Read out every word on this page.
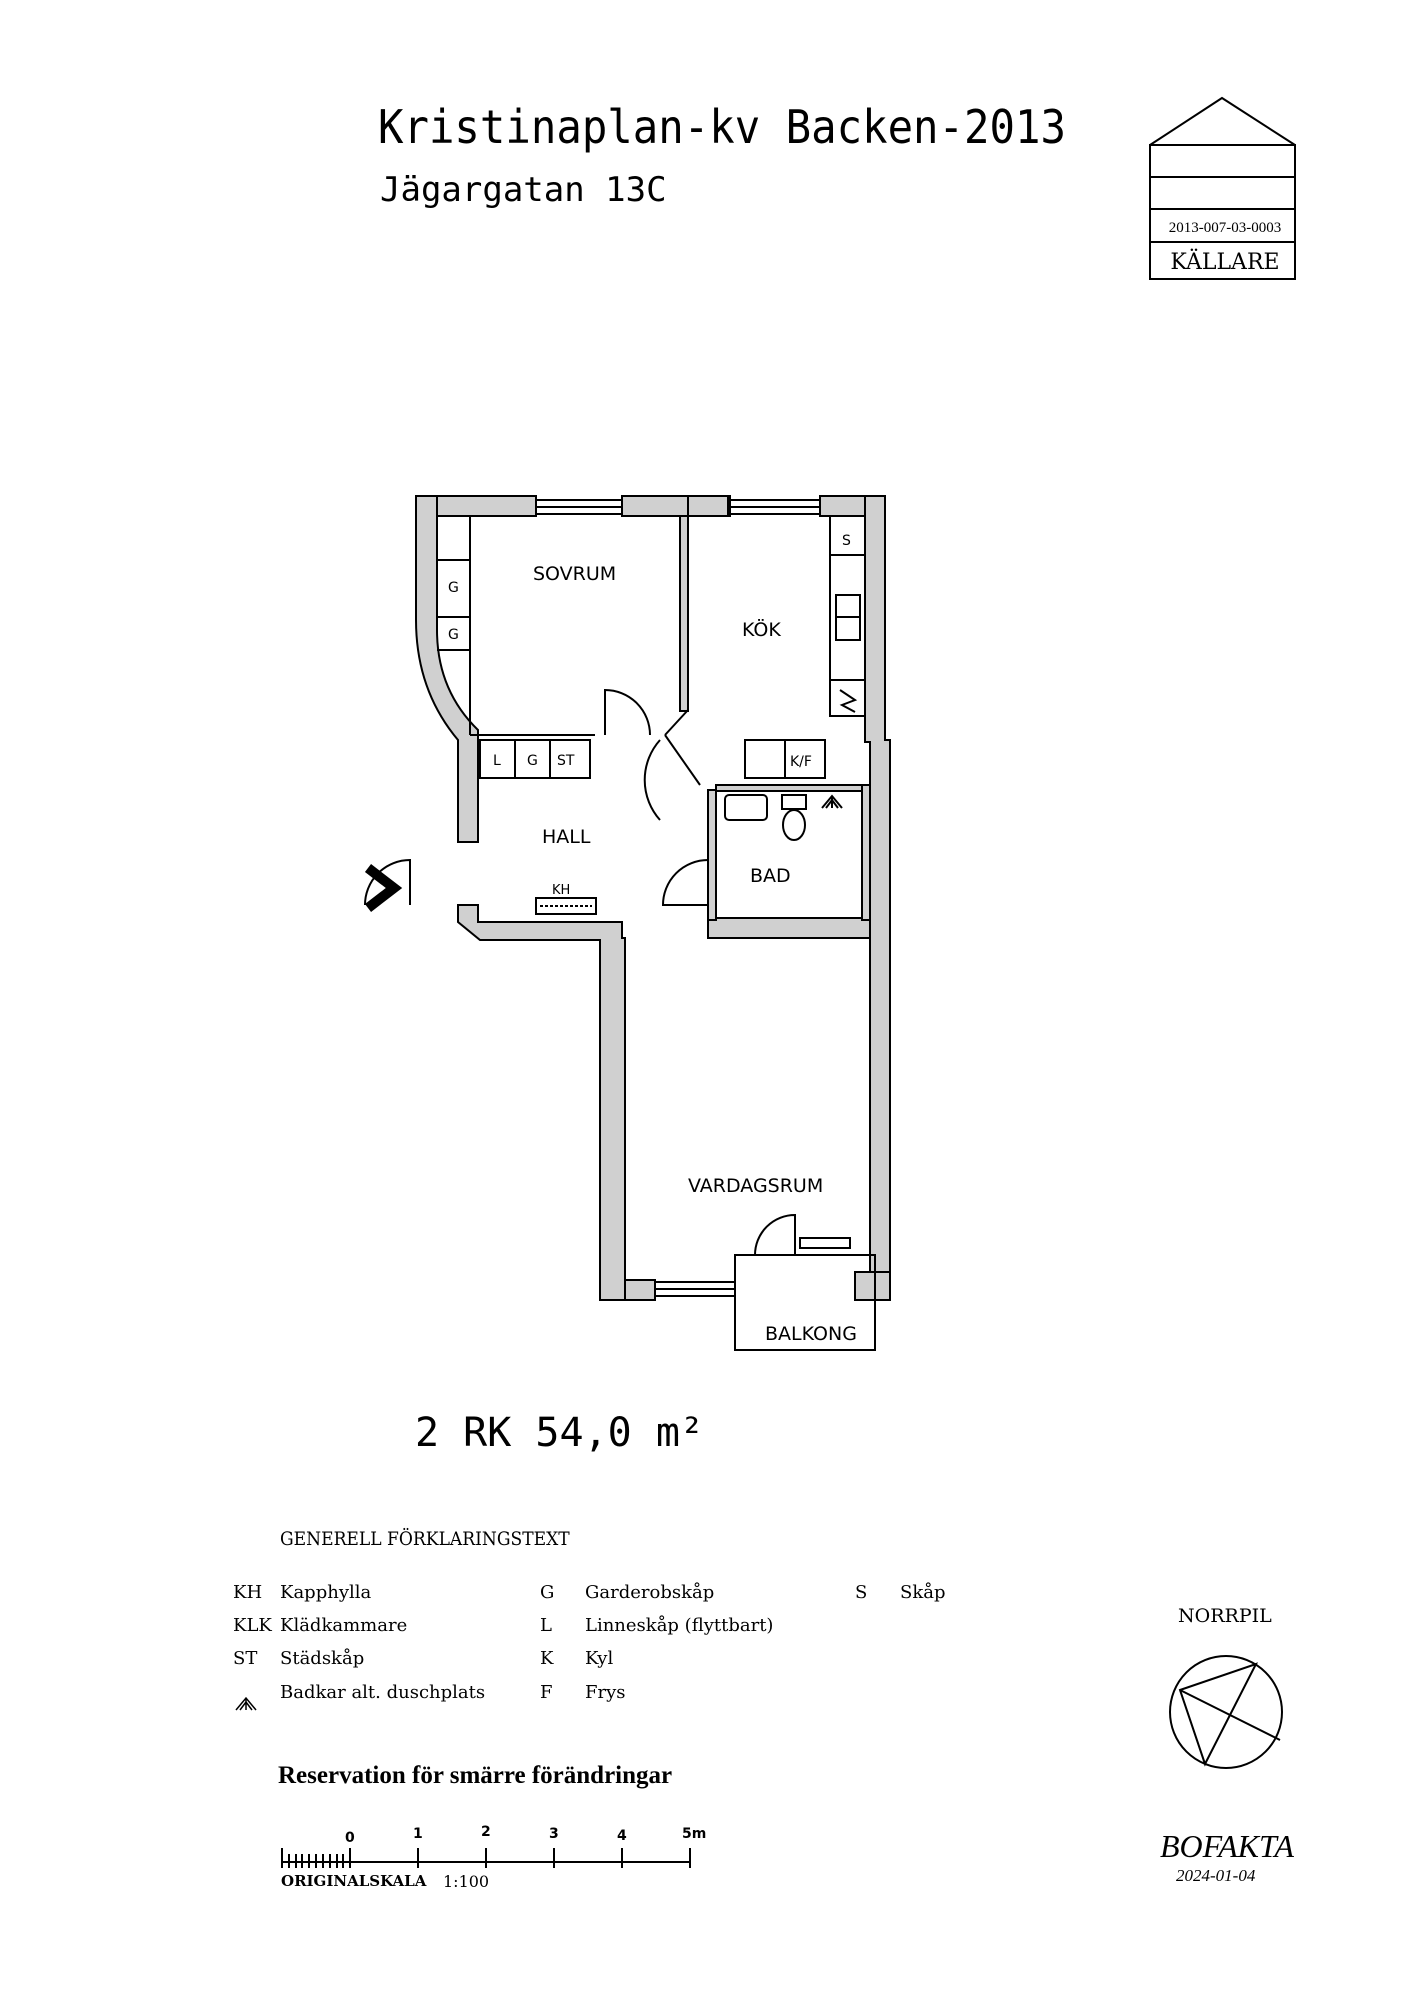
Kristinaplan-kv Backen-2013
Jägargatan 13C
SOVRUM
KÖK
HALL
BAD
VARDAGSRUM
BALKONG
G
G
L G ST
S
K/F
KH
0	1	2	3	4	5m
2013-007-03-0003
KÄLLARE
2 RK 54,0 m²
GENERELL FÖRKLARINGSTEXT
KH Kapphylla
KLK Klädkammare
ST Städskåp
Badkar alt. duschplats
G Garderobskåp
L Linneskåp (flyttbart)
K Kyl
F Frys
S Skåp
Reservation för smärre förändringar
ORIGINALSKALA 1:100
NORRPIL
BOFAKTA
2024-01-04
